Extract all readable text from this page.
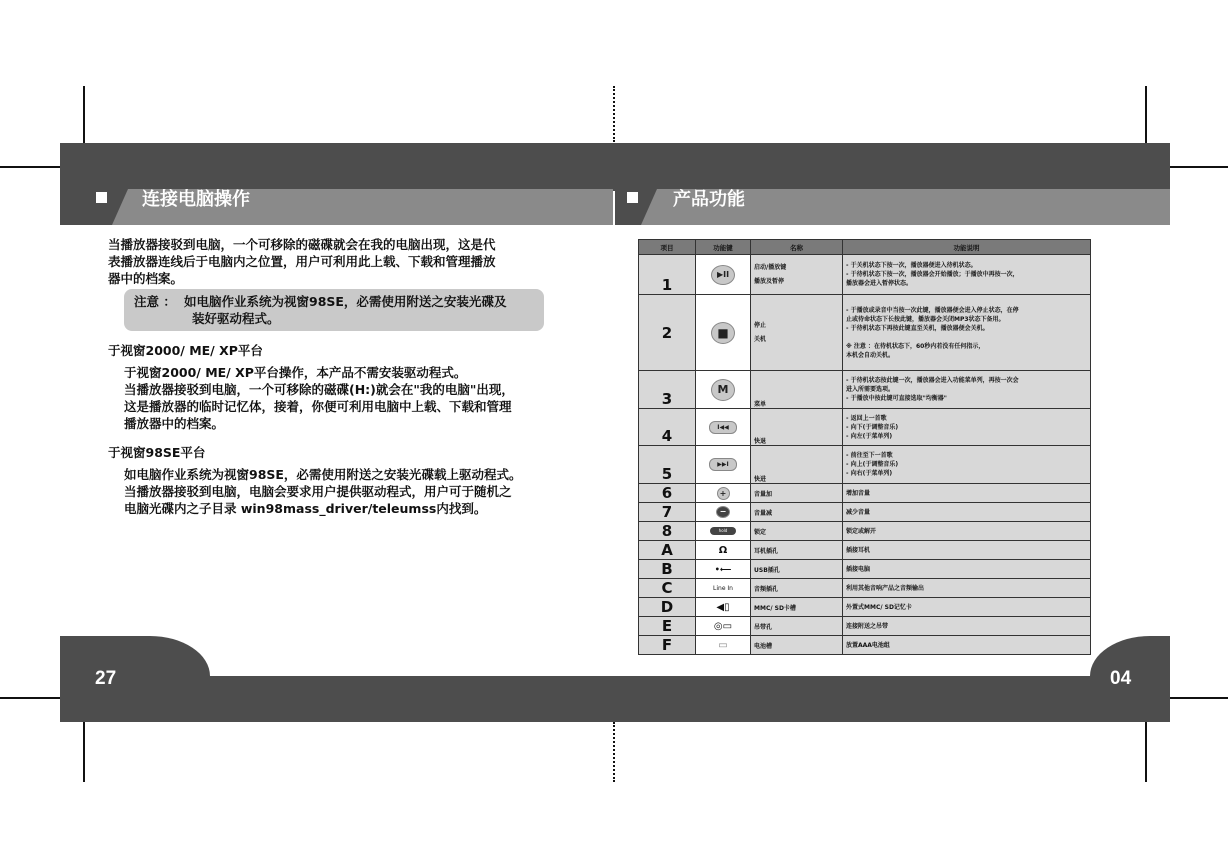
连接电脑操作	产品功能
当播放器接驳到电脑，一个可移除的磁碟就会在我的电脑出现，这是代
表播放器连线后于电脑内之位置，用户可利用此上载、下载和管理播放
器中的档案。
注意 ： 如电脑作业系统为视窗98SE，必需使用附送之安装光碟及
装好驱动程式。
于视窗2000/ ME/ XP平台
于视窗2000/ ME/ XP平台操作，本产品不需安装驱动程式。
当播放器接驳到电脑，一个可移除的磁碟(H:)就会在"我的电脑"出现，
这是播放器的临时记忆体，接着，你便可利用电脑中上载、下载和管理
播放器中的档案。
于视窗98SE平台
如电脑作业系统为视窗98SE，必需使用附送之安装光碟载上驱动程式。
当播放器接驳到电脑，电脑会要求用户提供驱动程式，用户可于随机之
电脑光碟内之子目录 win98mass_driver/teleumss内找到。
项目	功能键	名称	功能说明
1	▶II	启动/播放键
播放及暂停	- 于关机状态下按一次，播放器便进入待机状态。
- 于待机状态下按一次，播放器会开始播放；于播放中再按一次，
播放器会进入暂停状态。
2	■	停止
关机	- 于播放或录音中当按一次此键，播放器便会进入停止状态，在停
止或待命状态下长按此键，播放器会关闭MP3状态下备用。
- 于待机状态下再按此键直至关机，播放器便会关机。

※ 注意 ：在待机状态下，60秒内若没有任何指示，
本机会自动关机。
3	M	菜单	- 于待机状态按此键一次，播放器会进入功能菜单列，再按一次会
进入所需要选项。
- 于播放中按此键可直接选取"均衡器"
4	I◀◀	快退	- 返回上一首歌
- 向下(于调整音乐)
- 向左(于菜单列)
5	▶▶I	快进	- 前往至下一首歌
- 向上(于调整音乐)
- 向右(于菜单列)
6	+	音量加	增加音量
7	−	音量减	减少音量
8	hold	锁定	锁定或解开
A	Ω	耳机插孔	插接耳机
B	•⟵	USB插孔	插接电脑
C	Line In	音频插孔	利用其他音响产品之音频输出
D	◀▯	MMC/ SD卡槽	外置式MMC/ SD记忆卡
E	◎▭	吊带孔	连接附送之吊带
F	▭	电池槽	放置AAA电池组
27	04
